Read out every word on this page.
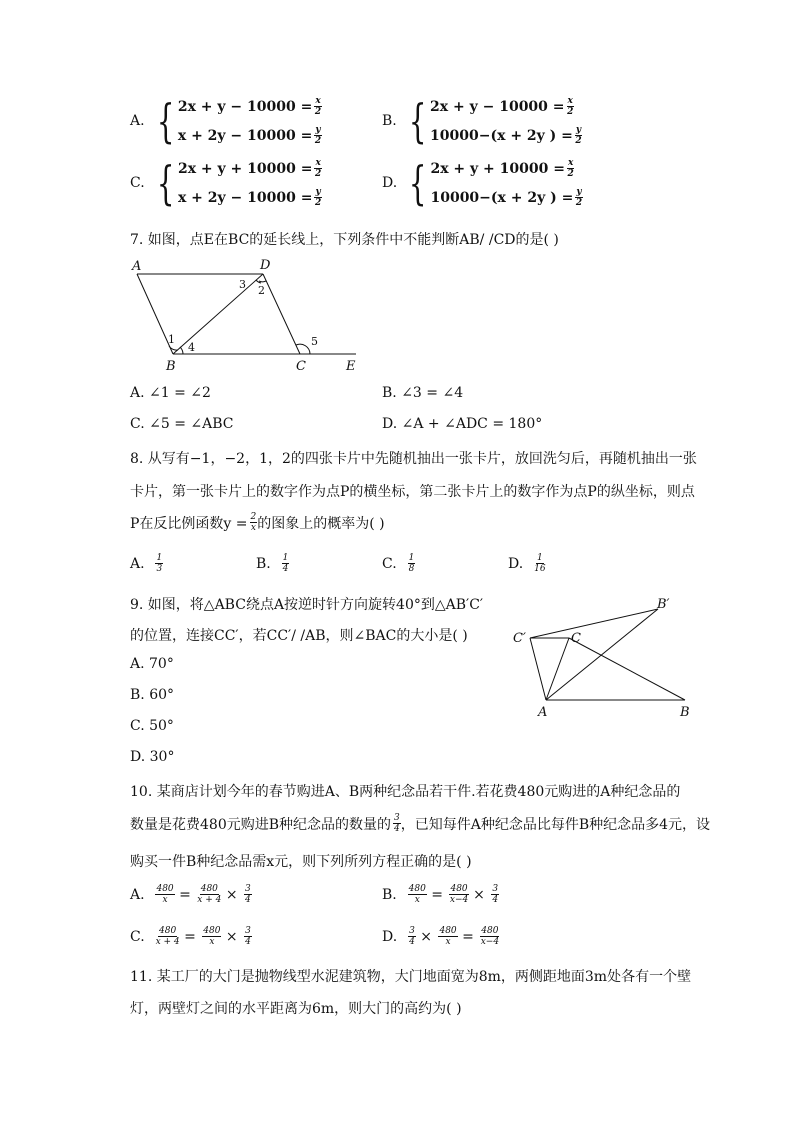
A. { $2x + y - 10000 = \frac{x}{2}$
$x + 2y - 10000 = \frac{y}{2}$
B. { $2x + y - 10000 = \frac{x}{2}$
10000−(x + 2y ) = $\frac{y}{2}$
C. { $2x + y + 10000 = \frac{x}{2}$
$x + 2y - 10000 = \frac{y}{2}$
D. { $2x + y + 10000 = \frac{x}{2}$
10000−(x + 2y ) = $\frac{y}{2}$
7. 如图，点E在BC的延长线上，下列条件中不能判断AB/ /CD的是( )
A	D
B	C	E
1
4
3 2
5
A. ∠1 = ∠2	B. ∠3 = ∠4
C. ∠5 = ∠ABC	D. ∠A + ∠ADC = 180°
8. 从写有−1，−2，1，2的四张卡片中先随机抽出一张卡片，放回洗匀后，再随机抽出一张
卡片，第一张卡片上的数字作为点P的横坐标，第二张卡片上的数字作为点P的纵坐标，则点
P在反比例函数$y = \frac{2}{x}$ 的图象上的概率为( )
A.
$\frac{1}{3}$	B.
$\frac{1}{4}$	C.
$\frac{1}{8}$	D.
$\frac{1}{16}$
9. 如图，将△ABC绕点A按逆时针方向旋转40°到△AB′C′
的位置，连接CC′，若CC′/ /AB，则∠BAC的大小是( )
A. 70°
B. 60°
C. 50°
D. 30°
A	B
C
C′
B′
10. 某商店计划今年的春节购进A、B两种纪念品若干件.若花费480元购进的A种纪念品的
数量是花费480元购进B种纪念品的数量的 $\frac{3}{4}$ ，已知每件A种纪念品比每件B种纪念品多4元，设
购买一件B种纪念品需x元，则下列所列方程正确的是( )
A.
$\frac{480}{x} = \frac{480}{x + 4} \times \frac{3}{4}$	B.
$\frac{480}{x} = \frac{480}{x-4} \times \frac{3}{4}$
C.
$\frac{480}{x + 4} = \frac{480}{x} \times \frac{3}{4}$	D.
$\frac{3}{4} \times \frac{480}{x} = \frac{480}{x-4}$
11. 某工厂的大门是抛物线型水泥建筑物，大门地面宽为8m，两侧距地面3m处各有一个壁
灯，两壁灯之间的水平距离为6m，则大门的高约为( )
